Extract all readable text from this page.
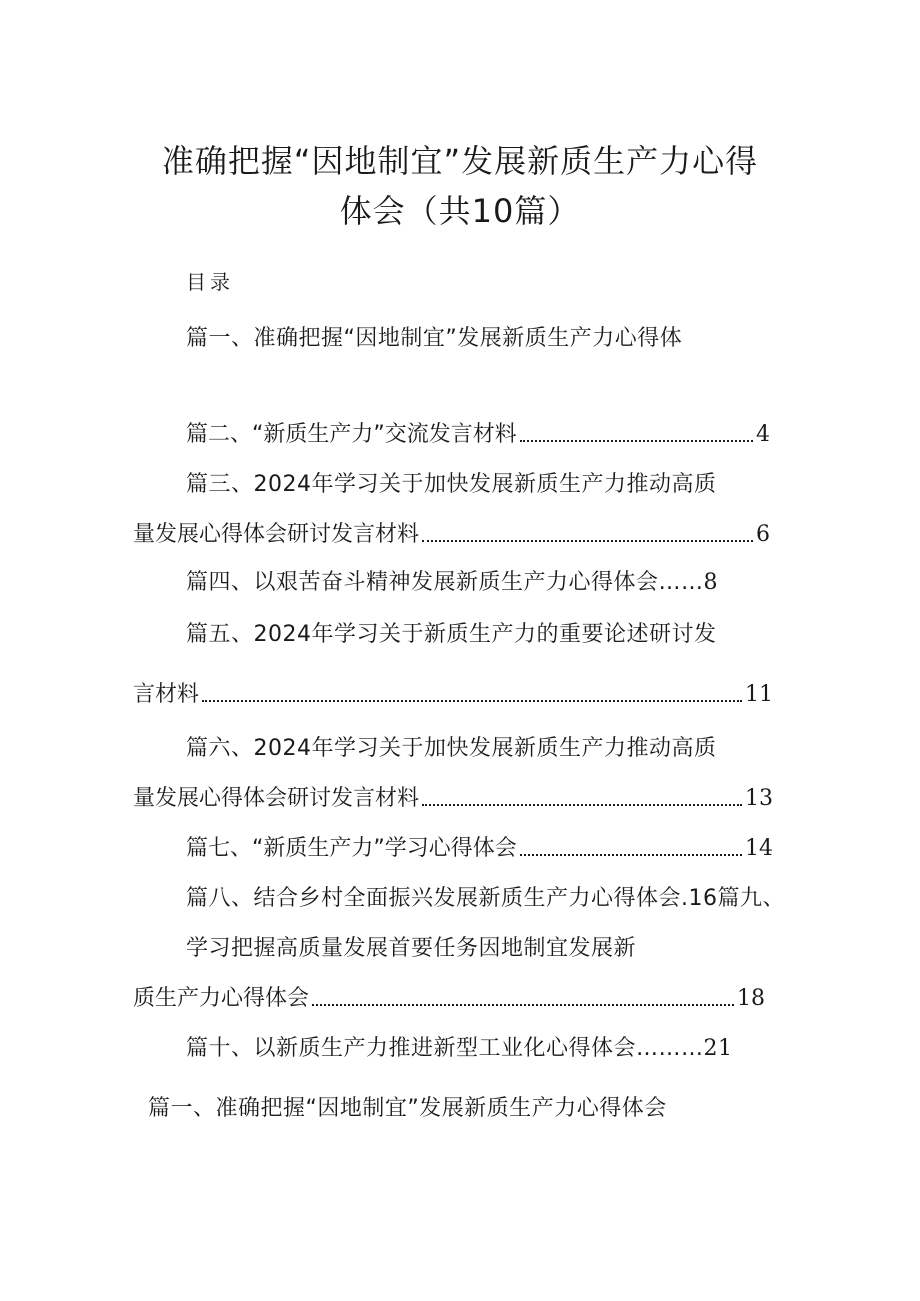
准确把握“因地制宜”发展新质生产力心得
体会（共10篇）
目录
篇一、准确把握“因地制宜”发展新质生产力心得体
篇二、“新质生产力”交流发言材料	4
篇三、2024年学习关于加快发展新质生产力推动高质
量发展心得体会研讨发言材料	6
篇四、以艰苦奋斗精神发展新质生产力心得体会……8
篇五、2024年学习关于新质生产力的重要论述研讨发
言材料	11
篇六、2024年学习关于加快发展新质生产力推动高质
量发展心得体会研讨发言材料	13
篇七、“新质生产力”学习心得体会	14
篇八、结合乡村全面振兴发展新质生产力心得体会.16篇九、
学习把握高质量发展首要任务因地制宜发展新
质生产力心得体会	18
篇十、以新质生产力推进新型工业化心得体会………21
篇一、准确把握“因地制宜”发展新质生产力心得体会
